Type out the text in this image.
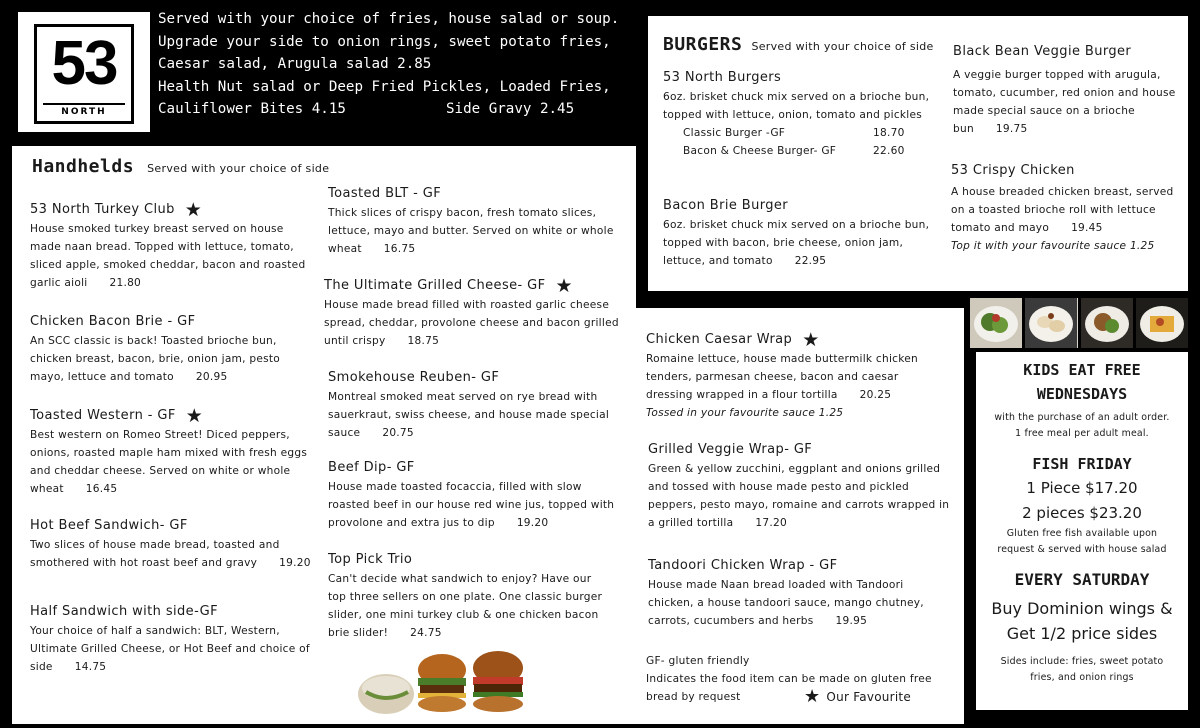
53
NORTH
Served with your choice of fries, house salad or soup.
Upgrade your side to onion rings, sweet potato fries,
Caesar salad, Arugula salad 2.85
Health Nut salad or Deep Fried Pickles, Loaded Fries,
Cauliflower Bites 4.15	Side Gravy 2.45
Handhelds Served with your choice of side
53 North Turkey Club ★
House smoked turkey breast served on house made naan bread. Topped with lettuce, tomato, sliced apple, smoked cheddar, bacon and roasted garlic aioli 21.80
Chicken Bacon Brie - GF
An SCC classic is back! Toasted brioche bun, chicken breast, bacon, brie, onion jam, pesto mayo, lettuce and tomato 20.95
Toasted Western - GF ★
Best western on Romeo Street! Diced peppers, onions, roasted maple ham mixed with fresh eggs and cheddar cheese. Served on white or whole wheat 16.45
Hot Beef Sandwich- GF
Two slices of house made bread, toasted and smothered with hot roast beef and gravy 19.20
Half Sandwich with side-GF
Your choice of half a sandwich: BLT, Western, Ultimate Grilled Cheese, or Hot Beef and choice of side 14.75
Toasted BLT - GF
Thick slices of crispy bacon, fresh tomato slices, lettuce, mayo and butter. Served on white or whole wheat 16.75
The Ultimate Grilled Cheese- GF ★
House made bread filled with roasted garlic cheese spread, cheddar, provolone cheese and bacon grilled until crispy 18.75
Smokehouse Reuben- GF
Montreal smoked meat served on rye bread with sauerkraut, swiss cheese, and house made special sauce 20.75
Beef Dip- GF
House made toasted focaccia, filled with slow roasted beef in our house red wine jus, topped with provolone and extra jus to dip 19.20
Top Pick Trio
Can't decide what sandwich to enjoy? Have our top three sellers on one plate. One classic burger slider, one mini turkey club & one chicken bacon brie slider! 24.75
BURGERS Served with your choice of side
53 North Burgers
6oz. brisket chuck mix served on a brioche bun, topped with lettuce, onion, tomato and pickles
Classic Burger -GF	18.70
Bacon & Cheese Burger- GF	22.60
Bacon Brie Burger
6oz. brisket chuck mix served on a brioche bun, topped with bacon, brie cheese, onion jam, lettuce, and tomato 22.95
Black Bean Veggie Burger
A veggie burger topped with arugula, tomato, cucumber, red onion and house made special sauce on a brioche bun 19.75
53 Crispy Chicken
A house breaded chicken breast, served on a toasted brioche roll with lettuce tomato and mayo 19.45
Top it with your favourite sauce 1.25
Chicken Caesar Wrap ★
Romaine lettuce, house made buttermilk chicken tenders, parmesan cheese, bacon and caesar dressing wrapped in a flour tortilla 20.25
Tossed in your favourite sauce 1.25
Grilled Veggie Wrap- GF
Green & yellow zucchini, eggplant and onions grilled and tossed with house made pesto and pickled peppers, pesto mayo, romaine and carrots wrapped in a grilled tortilla 17.20
Tandoori Chicken Wrap - GF
House made Naan bread loaded with Tandoori chicken, a house tandoori sauce, mango chutney, carrots, cucumbers and herbs 19.95
GF- gluten friendly
Indicates the food item can be made on gluten free bread by request	★ Our Favourite
KIDS EAT FREE WEDNESDAYS
with the purchase of an adult order. 1 free meal per adult meal.
FISH FRIDAY
1 Piece $17.20
2 pieces $23.20
Gluten free fish available upon request & served with house salad
EVERY SATURDAY
Buy Dominion wings &
Get 1/2 price sides
Sides include: fries, sweet potato fries, and onion rings
